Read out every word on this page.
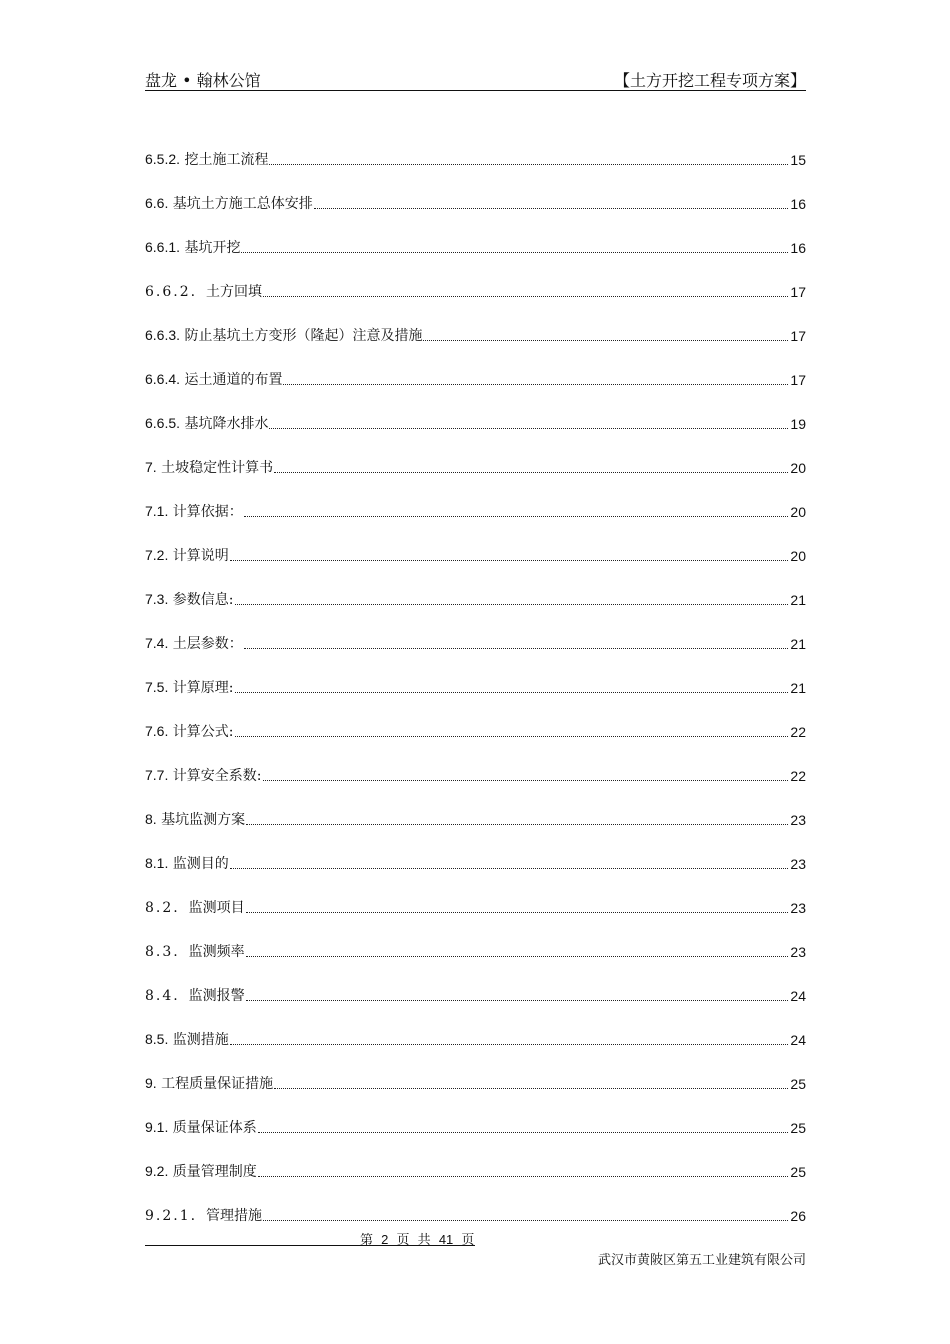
盘龙 • 翰林公馆	【土方开挖工程专项方案】
6.5.2. 挖土施工流程	15
6.6. 基坑土方施工总体安排	16
6.6.1. 基坑开挖	16
6.6.2.  土方回填	17
6.6.3. 防止基坑土方变形（隆起）注意及措施	17
6.6.4. 运土通道的布置	17
6.6.5. 基坑降水排水	19
7. 土坡稳定性计算书	20
7.1. 计算依据：	20
7.2. 计算说明	20
7.3. 参数信息:	21
7.4. 土层参数：	21
7.5. 计算原理:	21
7.6. 计算公式:	22
7.7. 计算安全系数:	22
8. 基坑监测方案	23
8.1. 监测目的	23
8.2.  监测项目	23
8.3.  监测频率	23
8.4.  监测报警	24
8.5. 监测措施	24
9. 工程质量保证措施	25
9.1. 质量保证体系	25
9.2. 质量管理制度	25
9.2.1.  管理措施	26
第 2 页 共 41 页
武汉市黄陂区第五工业建筑有限公司
